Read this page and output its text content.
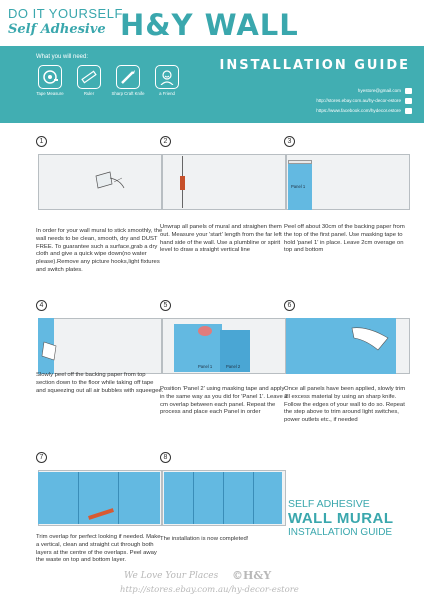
DO IT YOURSELF
Self Adhesive H&Y WALL
What you will need:
INSTALLATION GUIDE
Tape Measure	Ruler	Sharp Craft Knife	a Friend
hyestore@gmail.com
http://stores.ebay.com.au/hy-decor-estore
https://www.facebook.com/hydecor.estore
1
In order for your wall mural to stick smoothly, the wall needs to be clean, smooth, dry and DUST FREE. To guarantee such a surface,grab a dry cloth and give a quick wipe down(no water please).Remove any picture hooks,light fixtures and switch plates.
2
Unwrap all panels of mural and straighen them out. Measure your 'start' length from the far left hand side of the wall. Use a plumbline or spirit level to draw a straight vertical line
Panel 1
3
Peel off about 30cm of the backing paper from the top of the first panel. Use masking tape to hold 'panel 1' in place. Leave 2cm overage on top and bottom
4
Slowly peel off the backing paper from top section down to the floor while taking off tape and squeezing out all air bubbles with squeegee.
Panel 1	Panel 2
5
Position 'Panel 2' using masking tape and apply in the same way as you did for 'Panel 1'. Leave 2 cm overlap between each panel. Repeat the process and place each Panel in order
6
Once all panels have been applied, slowly trim all excess material by using an sharp knife. Follow the edges of your wall to do so. Repeat the step above to trim around light switches, power outlets etc., if needed
7
Trim overlap for perfect looking if needed. Make a vertical, clean and straight cut through both layers at the centre of the overlaps. Peel away the waste on top and bottom layer.
8
The installation is now completed!
SELF ADHESIVE
WALL MURAL
INSTALLATION GUIDE
We Love Your Places ©H&Y
http://stores.ebay.com.au/hy-decor-estore
